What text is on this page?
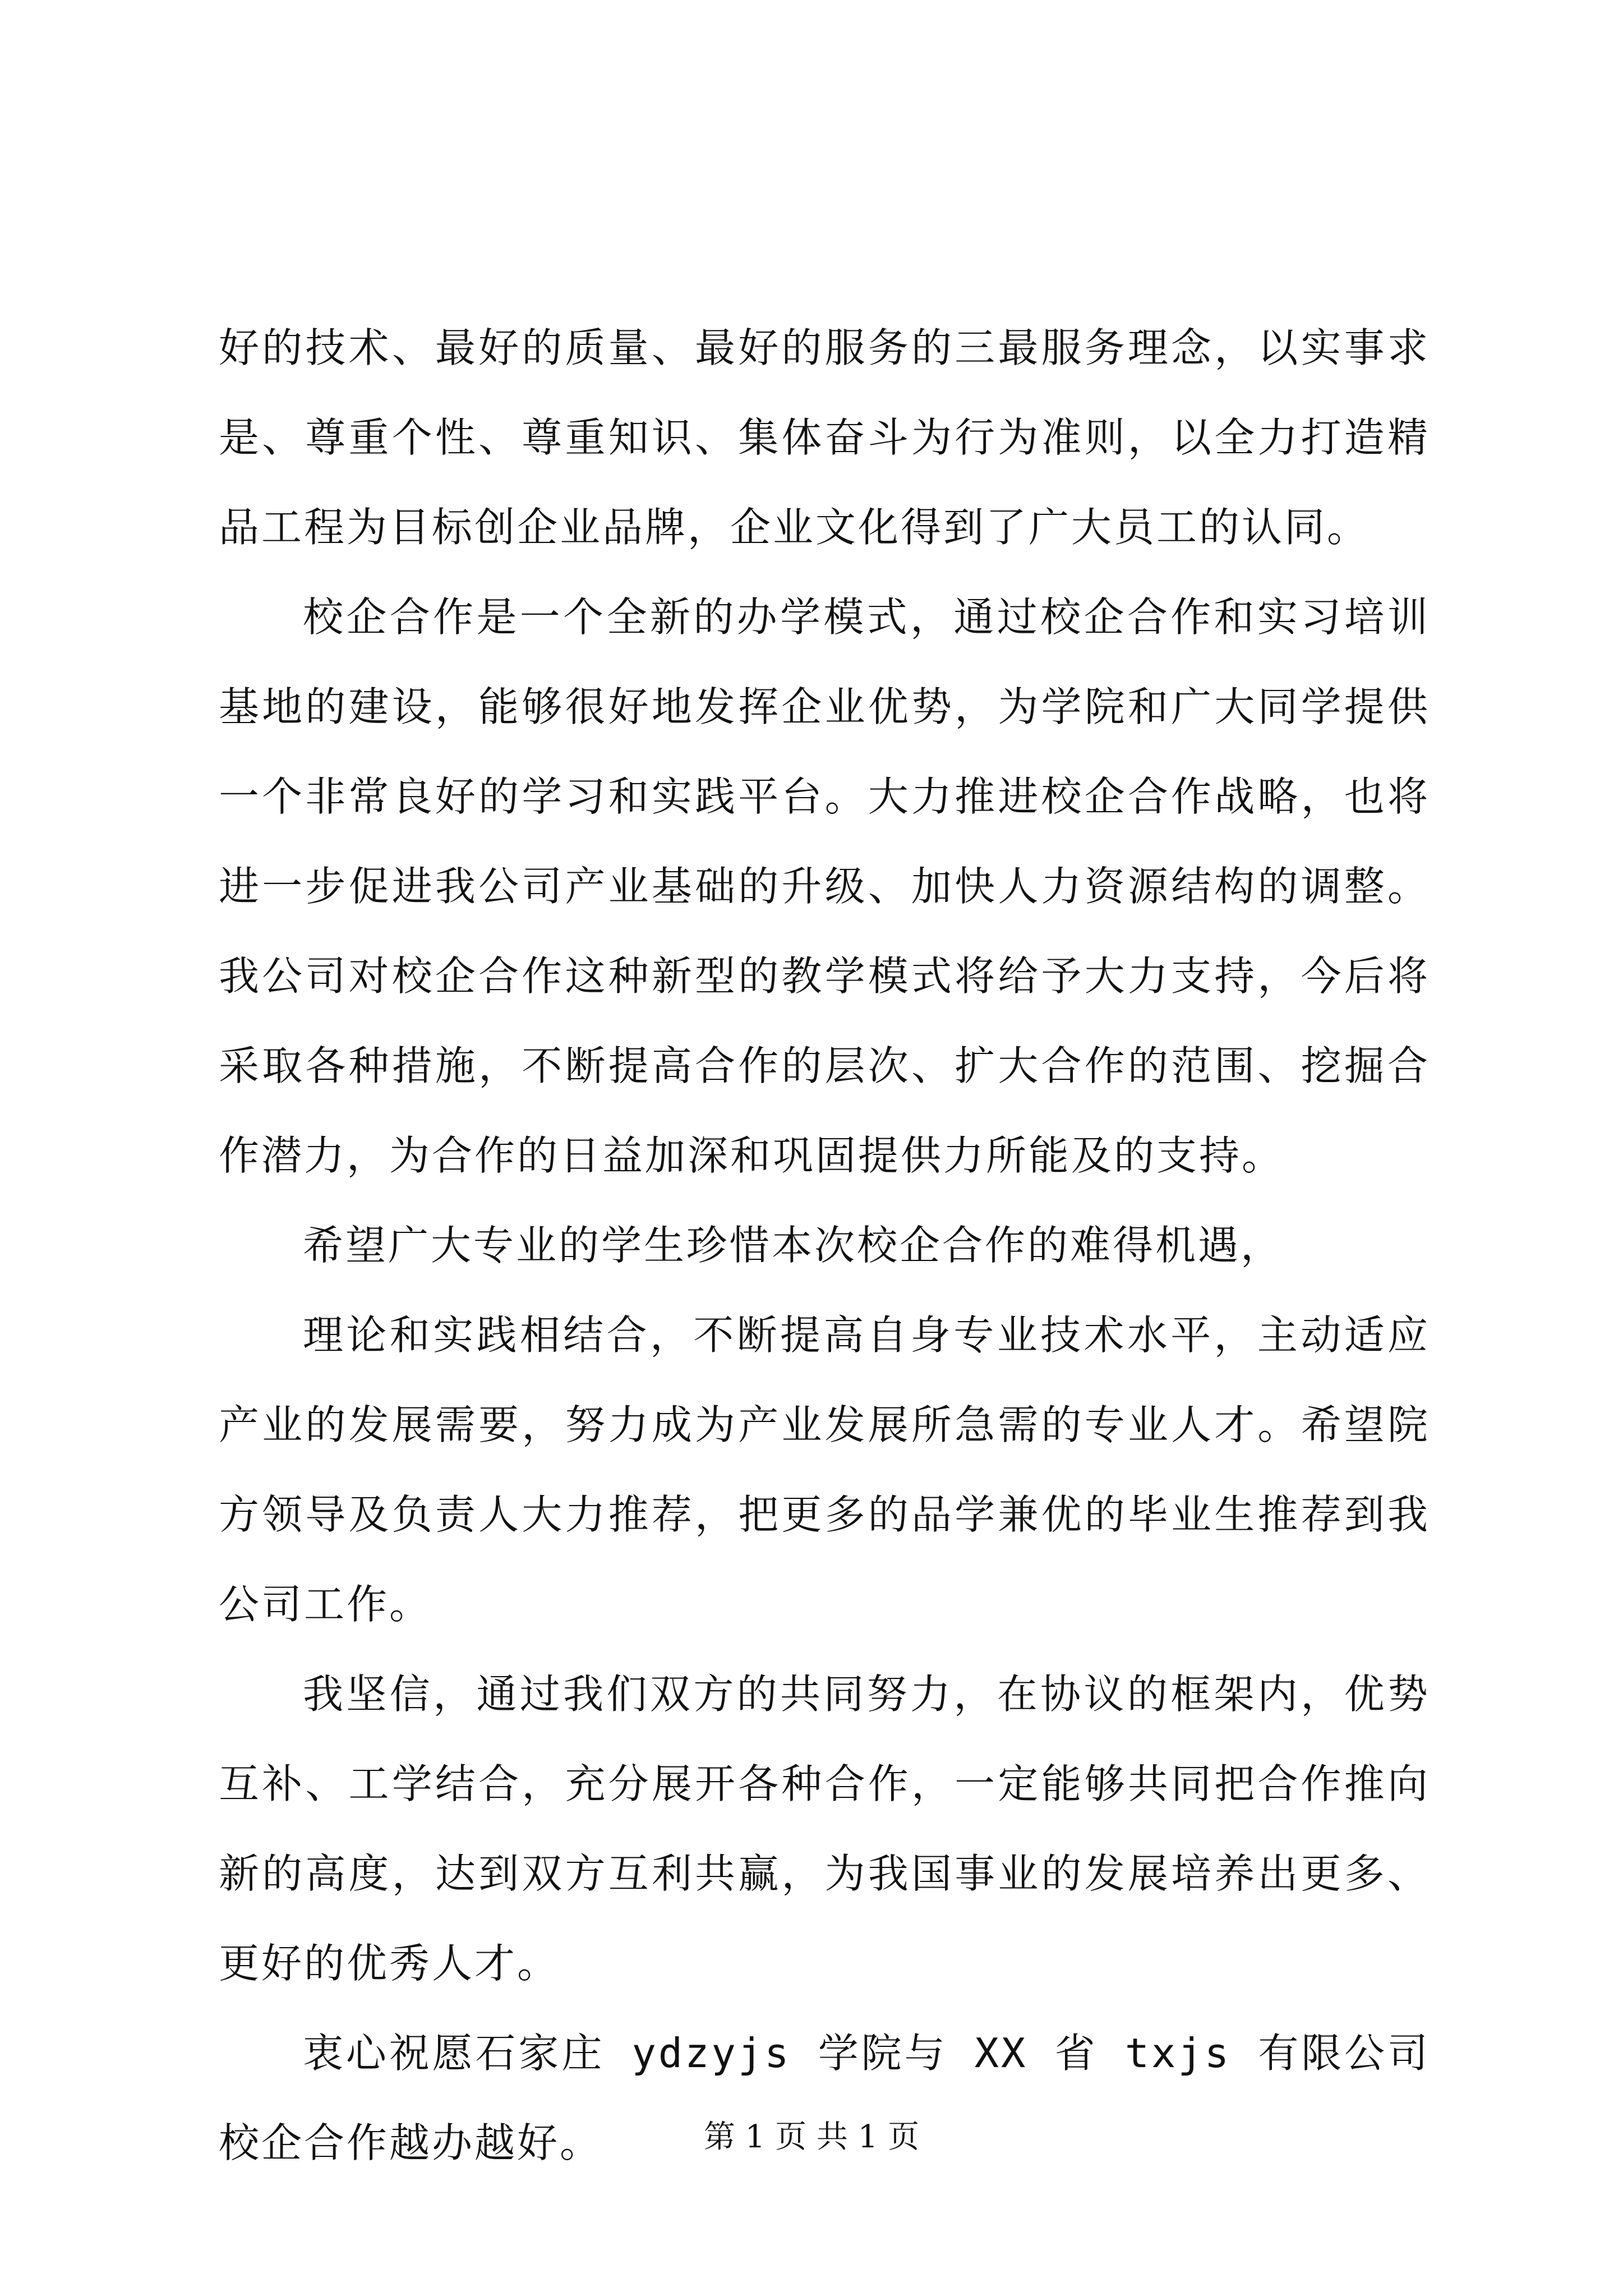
好的技术、最好的质量、最好的服务的三最服务理念，以实事求是、尊重个性、尊重知识、集体奋斗为行为准则，以全力打造精品工程为目标创企业品牌，企业文化得到了广大员工的认同。

校企合作是一个全新的办学模式，通过校企合作和实习培训基地的建设，能够很好地发挥企业优势，为学院和广大同学提供一个非常良好的学习和实践平台。大力推进校企合作战略，也将进一步促进我公司产业基础的升级、加快人力资源结构的调整。我公司对校企合作这种新型的教学模式将给予大力支持，今后将采取各种措施，不断提高合作的层次、扩大合作的范围、挖掘合作潜力，为合作的日益加深和巩固提供力所能及的支持。

希望广大专业的学生珍惜本次校企合作的难得机遇，

理论和实践相结合，不断提高自身专业技术水平，主动适应产业的发展需要，努力成为产业发展所急需的专业人才。希望院方领导及负责人大力推荐，把更多的品学兼优的毕业生推荐到我公司工作。

我坚信，通过我们双方的共同努力，在协议的框架内，优势互补、工学结合，充分展开各种合作，一定能够共同把合作推向新的高度，达到双方互利共赢，为我国事业的发展培养出更多、更好的优秀人才。

衷心祝愿石家庄 ydzyjs 学院与 XX 省 txjs 有限公司校企合作越办越好。	第 1 页 共 1 页
